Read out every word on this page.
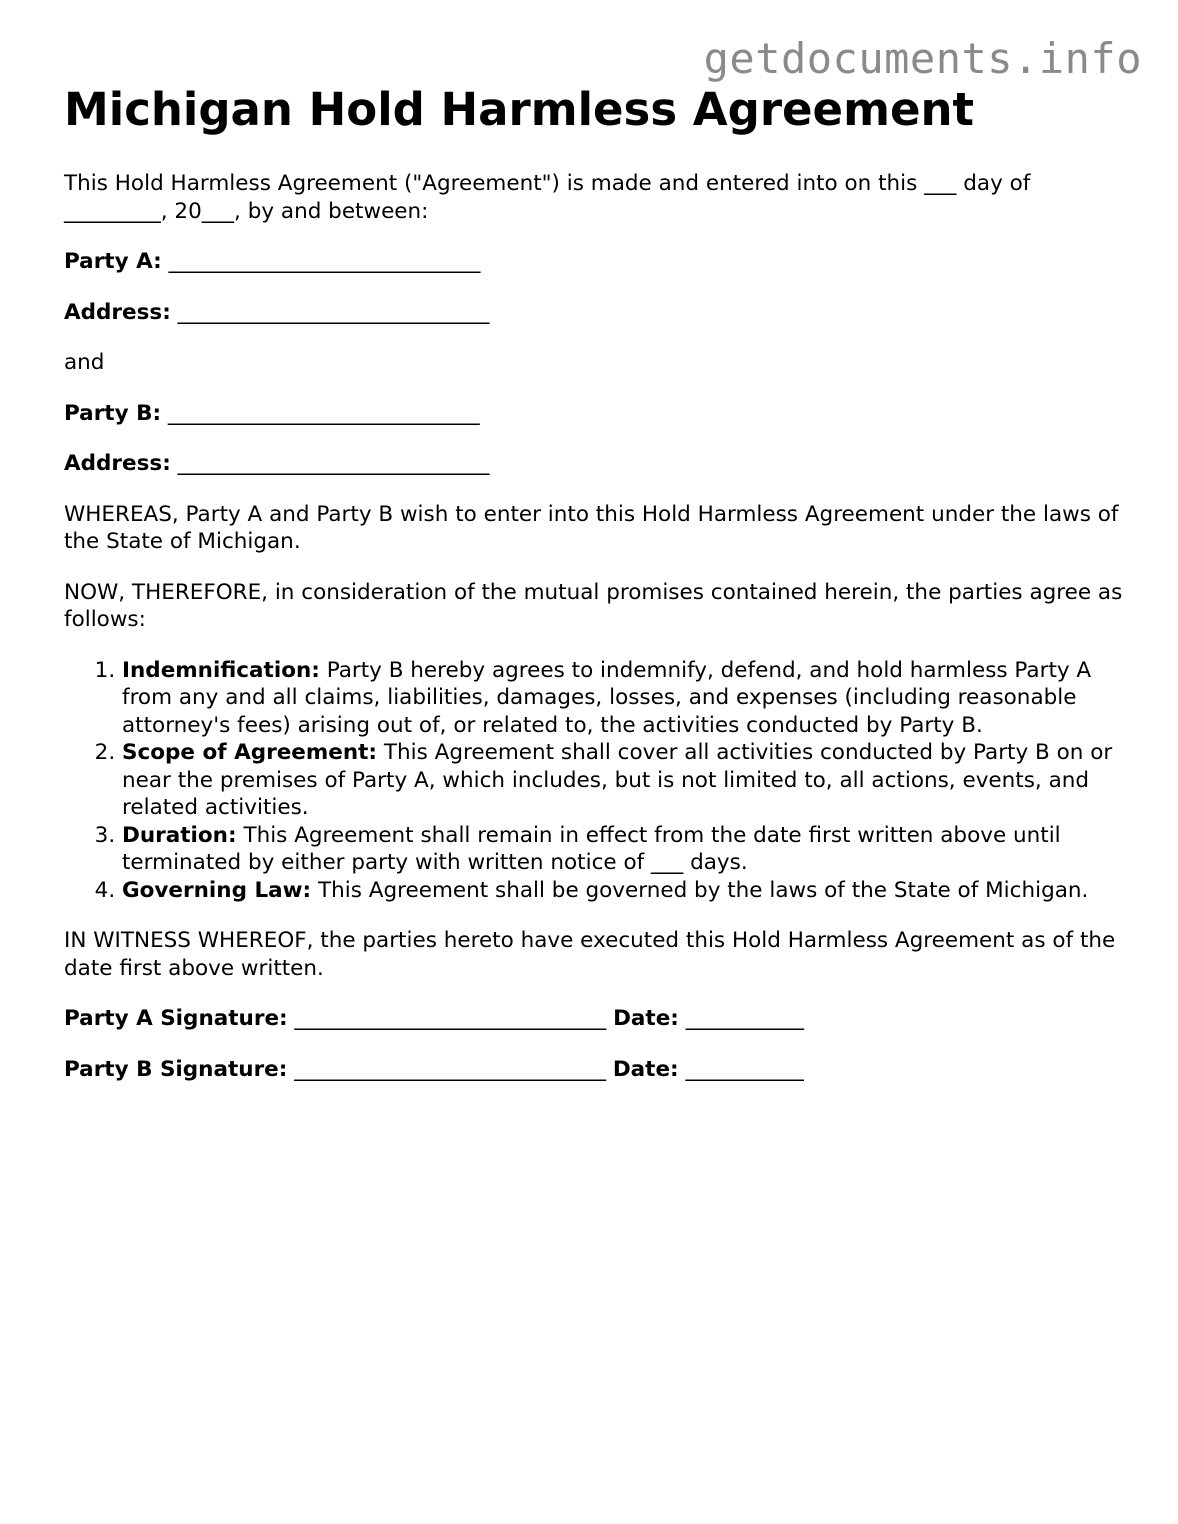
getdocuments.info
Michigan Hold Harmless Agreement

This Hold Harmless Agreement ("Agreement") is made and entered into on this ___ day of _________, 20___, by and between:

Party A: _____________________________
Address: _____________________________

and

Party B: _____________________________
Address: _____________________________

WHEREAS, Party A and Party B wish to enter into this Hold Harmless Agreement under the laws of the State of Michigan.

NOW, THEREFORE, in consideration of the mutual promises contained herein, the parties agree as follows:

1. Indemnification: Party B hereby agrees to indemnify, defend, and hold harmless Party A from any and all claims, liabilities, damages, losses, and expenses (including reasonable attorney's fees) arising out of, or related to, the activities conducted by Party B.
2. Scope of Agreement: This Agreement shall cover all activities conducted by Party B on or near the premises of Party A, which includes, but is not limited to, all actions, events, and related activities.
3. Duration: This Agreement shall remain in effect from the date first written above until terminated by either party with written notice of ___ days.
4. Governing Law: This Agreement shall be governed by the laws of the State of Michigan.

IN WITNESS WHEREOF, the parties hereto have executed this Hold Harmless Agreement as of the date first above written.

Party A Signature: _____________________________ Date: ___________
Party B Signature: _____________________________ Date: ___________
